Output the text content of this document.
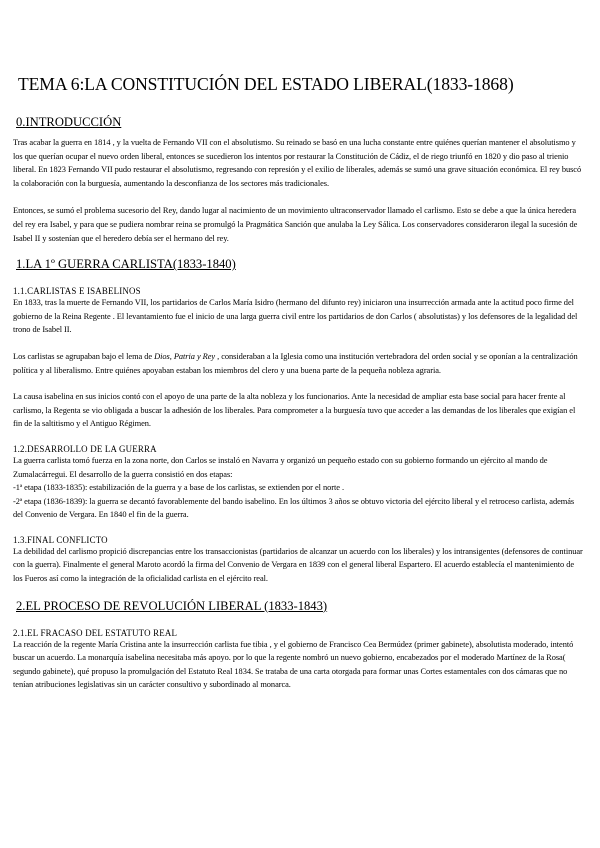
TEMA 6:LA CONSTITUCIÓN DEL ESTADO LIBERAL(1833-1868)
0.INTRODUCCIÓN

Tras acabar la guerra en 1814 , y la vuelta de Fernando VII con el absolutismo. Su reinado se basó en una lucha constante entre quiénes querían mantener el absolutismo y los que querían ocupar el nuevo orden liberal, entonces se sucedieron los intentos por restaurar la Constitución de Cádiz, el de riego triunfó en 1820 y dio paso al trienio liberal. En 1823 Fernando VII pudo restaurar el absolutismo, regresando con represión y el exilio de liberales, además se sumó una grave situación económica. El rey buscó la colaboración con la burguesía, aumentando la desconfianza de los sectores más tradicionales.

Entonces, se sumó el problema sucesorio del Rey, dando lugar al nacimiento de un movimiento ultraconservador llamado el carlismo. Esto se debe a que la única heredera del rey era Isabel, y para que se pudiera nombrar reina se promulgó la Pragmática Sanción que anulaba la Ley Sálica. Los conservadores consideraron ilegal la sucesión de Isabel II y sostenían que el heredero debía ser el hermano del rey.

1.LA 1º GUERRA CARLISTA(1833-1840)
1.1.CARLISTAS E ISABELINOS

En 1833, tras la muerte de Fernando VII, los partidarios de Carlos María Isidro (hermano del difunto rey) iniciaron una insurrección armada ante la actitud poco firme del gobierno de la Reina Regente . El levantamiento fue el inicio de una larga guerra civil entre los partidarios de don Carlos ( absolutistas) y los defensores de la legalidad del trono de Isabel II.

Los carlistas se agrupaban bajo el lema de Dios, Patria y Rey , consideraban a la Iglesia como una institución vertebradora del orden social y se oponían a la centralización política y al liberalismo. Entre quiénes apoyaban estaban los miembros del clero y una buena parte de la pequeña nobleza agraria.

La causa isabelina en sus inicios contó con el apoyo de una parte de la alta nobleza y los funcionarios. Ante la necesidad de ampliar esta base social para hacer frente al carlismo, la Regenta se vio obligada a buscar la adhesión de los liberales. Para comprometer a la burguesía tuvo que acceder a las demandas de los liberales que exigían el fin de la saltitismo y el Antiguo Régimen.

1.2.DESARROLLO DE LA GUERRA

La guerra carlista tomó fuerza en la zona norte, don Carlos se instaló en Navarra y organizó un pequeño estado con su gobierno formando un ejército al mando de Zumalacárregui. El desarrollo de la guerra consistió en dos etapas:

-1ª etapa (1833-1835): estabilización de la guerra y a base de los carlistas, se extienden por el norte .

-2ª etapa (1836-1839): la guerra se decantó favorablemente del bando isabelino. En los últimos 3 años se obtuvo victoria del ejército liberal y el retroceso carlista, además del Convenio de Vergara. En 1840 el fin de la guerra.

1.3.FINAL CONFLICTO

La debilidad del carlismo propició discrepancias entre los transaccionistas (partidarios de alcanzar un acuerdo con los liberales) y los intransigentes (defensores de continuar con la guerra). Finalmente el general Maroto acordó la firma del Convenio de Vergara en 1839 con el general liberal Espartero. El acuerdo establecía el mantenimiento de los Fueros así como la integración de la oficialidad carlista en el ejército real.

2.EL PROCESO DE REVOLUCIÓN LIBERAL (1833-1843)
2.1.EL FRACASO DEL ESTATUTO REAL

La reacción de la regente María Cristina ante la insurrección carlista fue tibia , y el gobierno de Francisco Cea Bermúdez (primer gabinete), absolutista moderado, intentó buscar un acuerdo. La monarquía isabelina necesitaba más apoyo. por lo que la regente nombró un nuevo gobierno, encabezados por el moderado Martínez de la Rosa( segundo gabinete), qué propuso la promulgación del Estatuto Real 1834. Se trataba de una carta otorgada para formar unas Cortes estamentales con dos cámaras que no tenían atribuciones legislativas sin un carácter consultivo y subordinado al monarca.
